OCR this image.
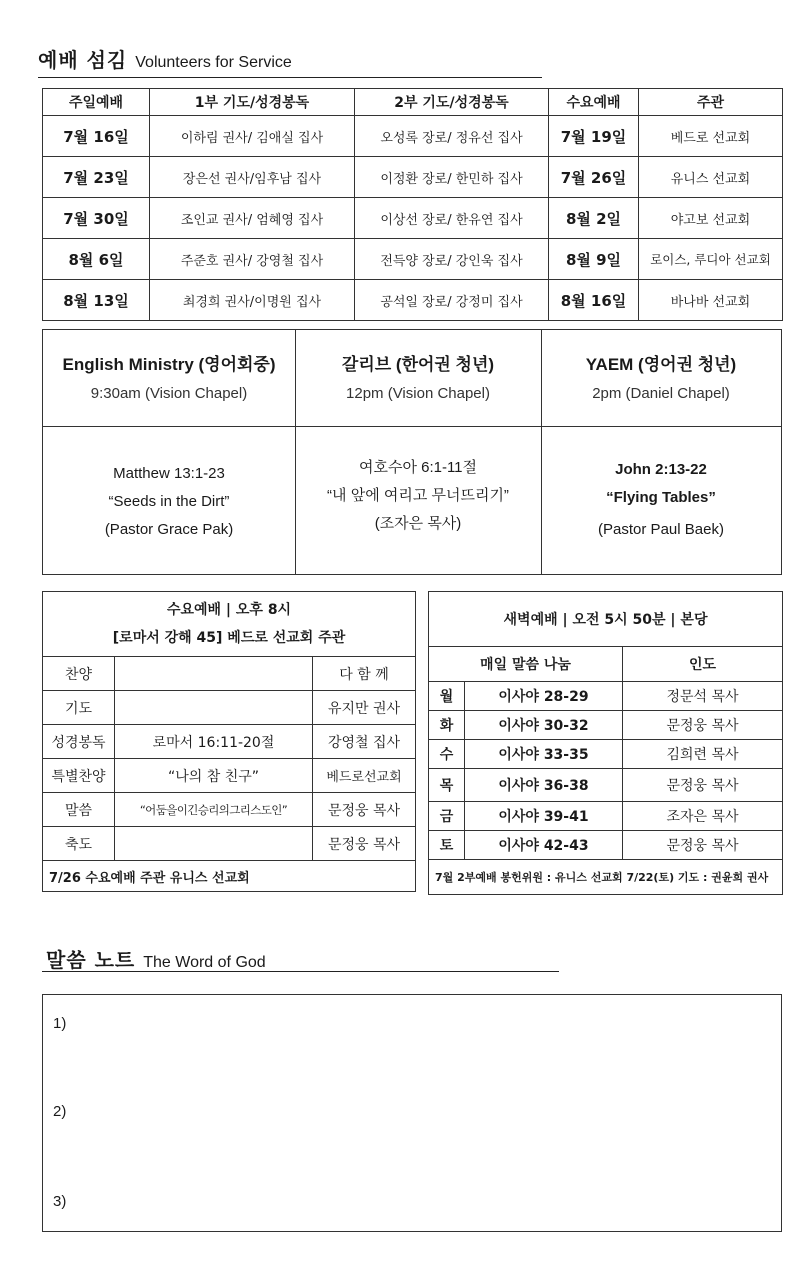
예배 섬김 Volunteers for Service
주일예배	1부 기도/성경봉독	2부 기도/성경봉독	수요예배	주관
7월 16일	이하림 권사/ 김애실 집사	오성록 장로/ 정유선 집사	7월 19일	베드로 선교회
7월 23일	장은선 권사/임후남 집사	이정환 장로/ 한민하 집사	7월 26일	유니스 선교회
7월 30일	조인교 권사/ 엄혜영 집사	이상선 장로/ 한유연 집사	8월 2일	야고보 선교회
8월 6일	주준호 권사/ 강영철 집사	전득양 장로/ 강인욱 집사	8월 9일	로이스, 루디아 선교회
8월 13일	최경희 권사/이명원 집사	공석일 장로/ 강정미 집사	8월 16일	바나바 선교회
English Ministry (영어회중)
9:30am (Vision Chapel)
갈리브 (한어권 청년)
12pm (Vision Chapel)
YAEM (영어권 청년)
2pm (Daniel Chapel)
Matthew 13:1-23
“Seeds in the Dirt”
(Pastor Grace Pak)
여호수아 6:1-11절
“내 앞에 여리고 무너뜨리기”
(조자은 목사)
John 2:13-22
“Flying Tables”
(Pastor Paul Baek)
수요예배 | 오후 8시
[로마서 강해 45] 베드로 선교회 주관		

찬양		다 함 께
기도		유지만 권사
성경봉독	로마서 16:11-20절	강영철 집사
특별찬양	“나의 참 친구”	베드로선교회
말씀	“어둠을이긴승리의그리스도인”	문정웅 목사
축도		문정웅 목사
7/26 수요예배 주관 유니스 선교회		
새벽예배 | 오전 5시 50분 | 본당		
매일 말씀 나눔		인도
월	이사야 28-29	정문석 목사
화	이사야 30-32	문정웅 목사
수	이사야 33-35	김희련 목사
목	이사야 36-38	문정웅 목사
금	이사야 39-41	조자은 목사
토	이사야 42-43	문정웅 목사
7월 2부예배 봉헌위원 : 유니스 선교회 7/22(토) 기도 : 권윤희 권사		
말씀 노트 The Word of God
1)
2)
3)
